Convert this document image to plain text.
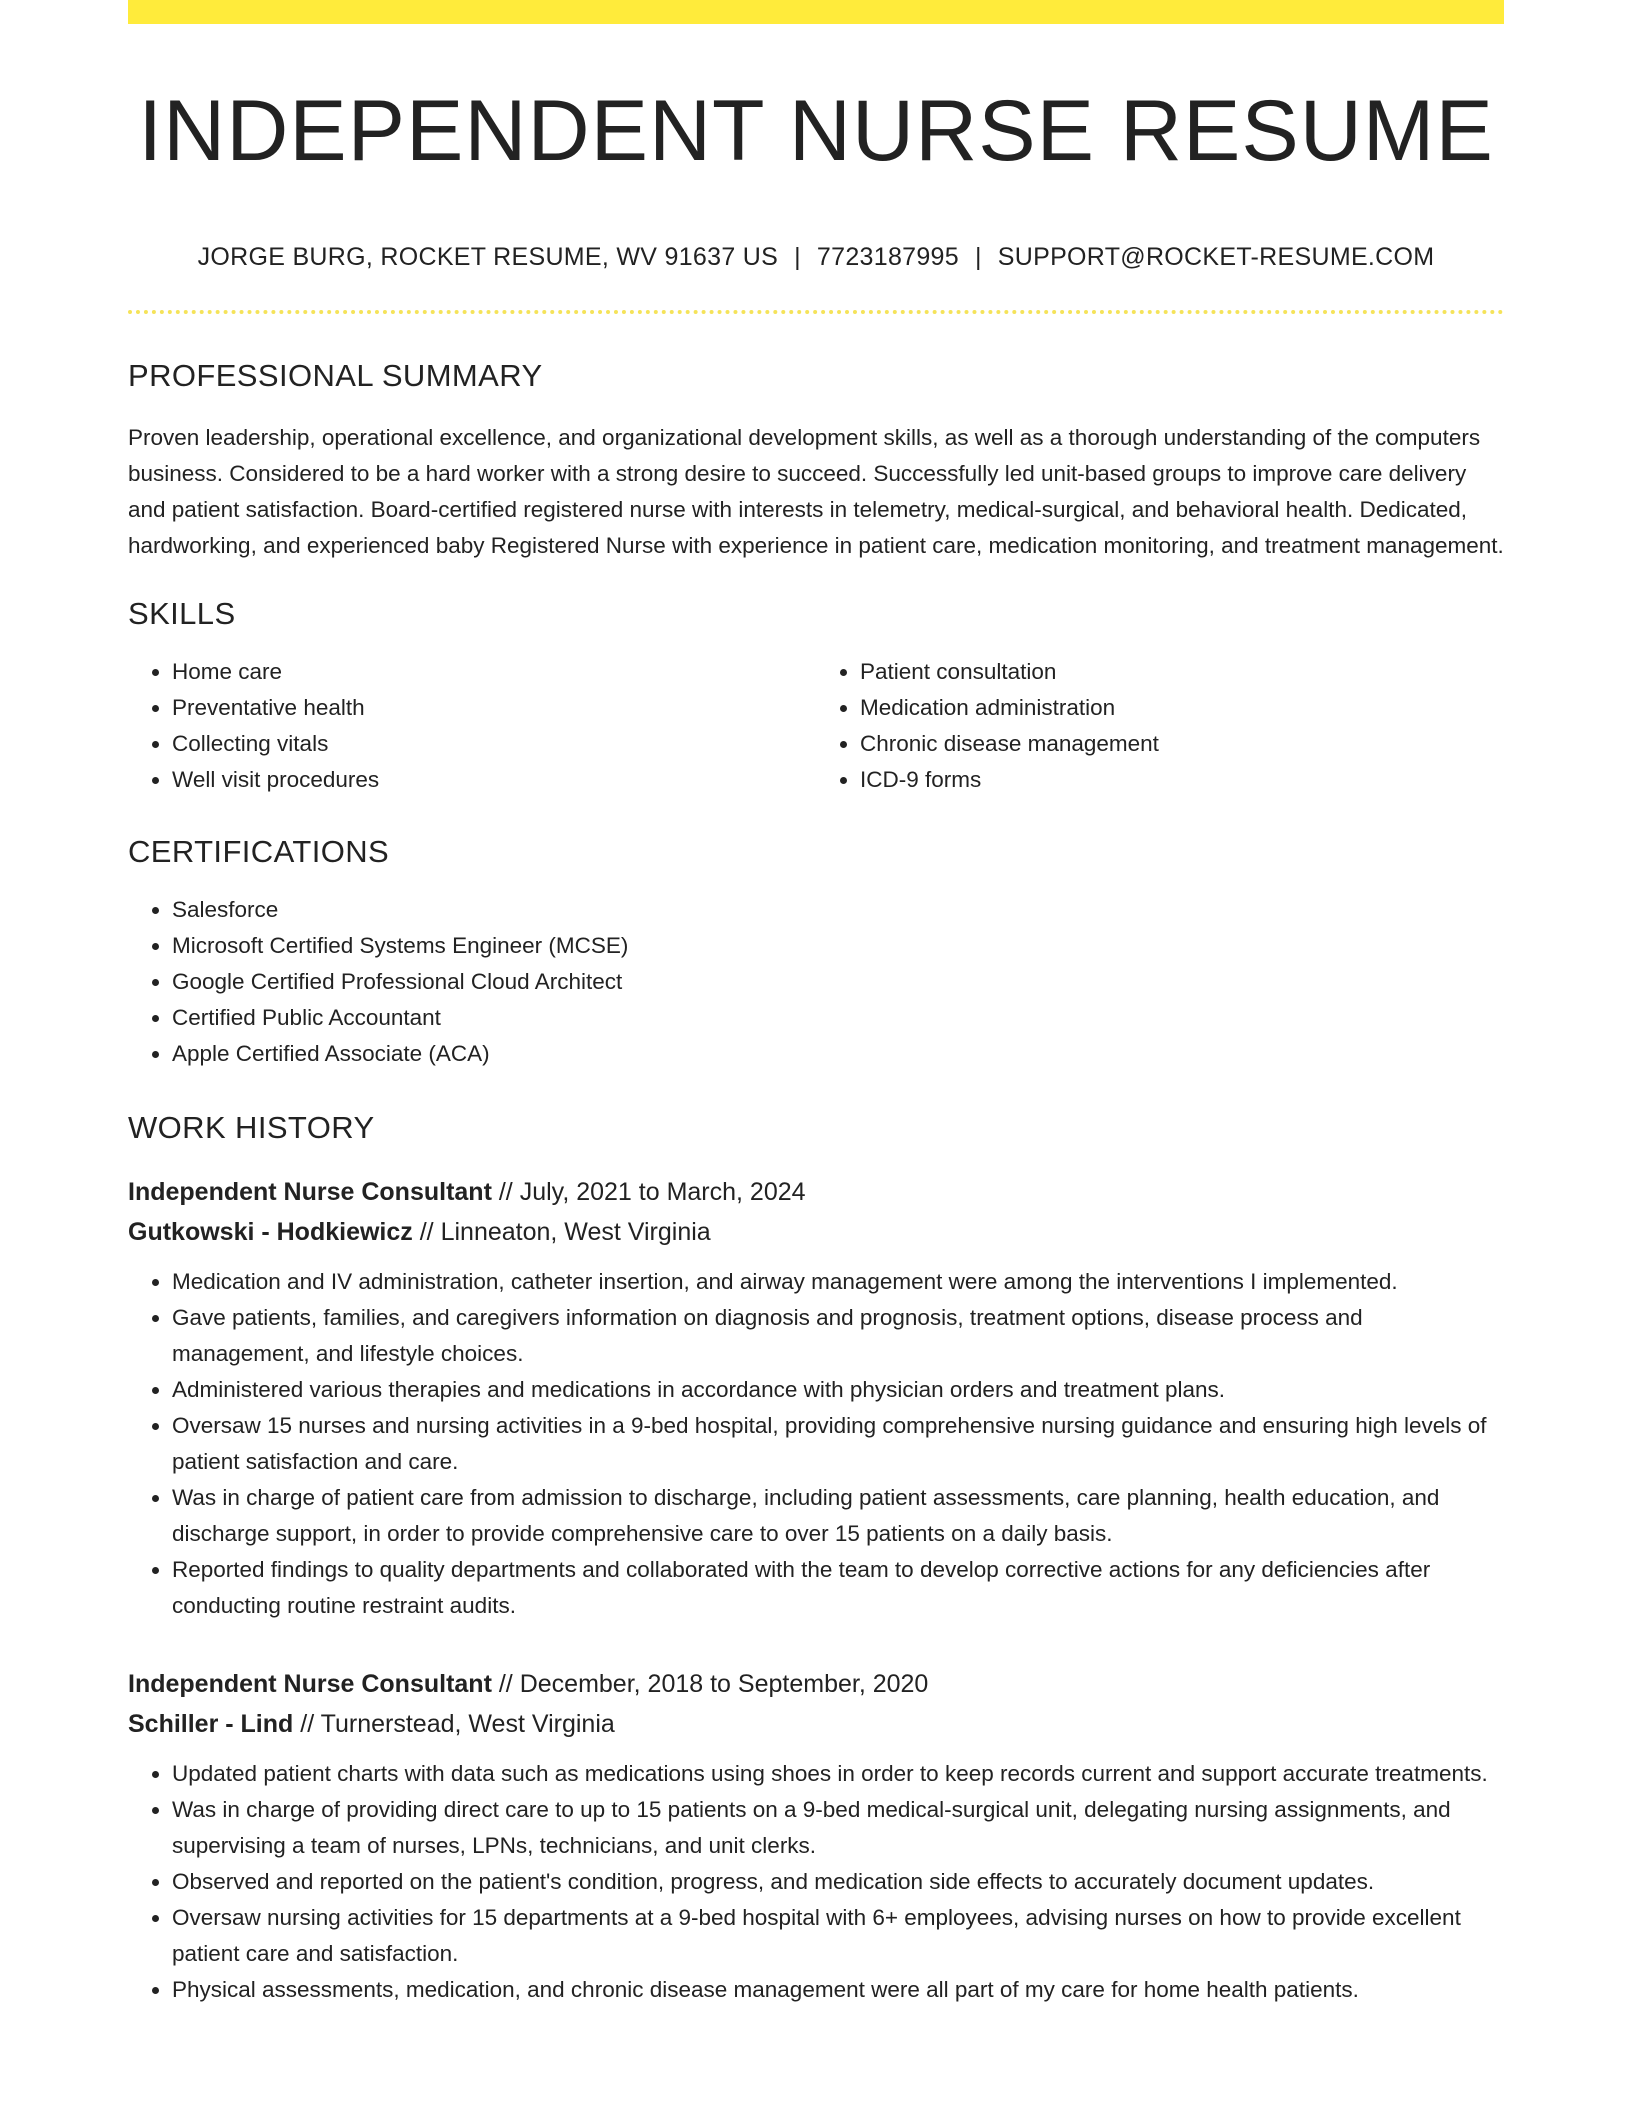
INDEPENDENT NURSE RESUME
JORGE BURG, ROCKET RESUME, WV 91637 US | 7723187995 | SUPPORT@ROCKET-RESUME.COM
PROFESSIONAL SUMMARY

Proven leadership, operational excellence, and organizational development skills, as well as a thorough understanding of the computers business. Considered to be a hard worker with a strong desire to succeed. Successfully led unit-based groups to improve care delivery and patient satisfaction. Board-certified registered nurse with interests in telemetry, medical-surgical, and behavioral health. Dedicated, hardworking, and experienced baby Registered Nurse with experience in patient care, medication monitoring, and treatment management.

SKILLS
• Home care
• Preventative health
• Collecting vitals
• Well visit procedures
• Patient consultation
• Medication administration
• Chronic disease management
• ICD-9 forms
CERTIFICATIONS
• Salesforce
• Microsoft Certified Systems Engineer (MCSE)
• Google Certified Professional Cloud Architect
• Certified Public Accountant
• Apple Certified Associate (ACA)
WORK HISTORY
Independent Nurse Consultant // July, 2021 to March, 2024
Gutkowski - Hodkiewicz // Linneaton, West Virginia
• Medication and IV administration, catheter insertion, and airway management were among the interventions I implemented.
• Gave patients, families, and caregivers information on diagnosis and prognosis, treatment options, disease process and management, and lifestyle choices.
• Administered various therapies and medications in accordance with physician orders and treatment plans.
• Oversaw 15 nurses and nursing activities in a 9-bed hospital, providing comprehensive nursing guidance and ensuring high levels of patient satisfaction and care.
• Was in charge of patient care from admission to discharge, including patient assessments, care planning, health education, and discharge support, in order to provide comprehensive care to over 15 patients on a daily basis.
• Reported findings to quality departments and collaborated with the team to develop corrective actions for any deficiencies after conducting routine restraint audits.
Independent Nurse Consultant // December, 2018 to September, 2020
Schiller - Lind // Turnerstead, West Virginia
• Updated patient charts with data such as medications using shoes in order to keep records current and support accurate treatments.
• Was in charge of providing direct care to up to 15 patients on a 9-bed medical-surgical unit, delegating nursing assignments, and supervising a team of nurses, LPNs, technicians, and unit clerks.
• Observed and reported on the patient's condition, progress, and medication side effects to accurately document updates.
• Oversaw nursing activities for 15 departments at a 9-bed hospital with 6+ employees, advising nurses on how to provide excellent patient care and satisfaction.
• Physical assessments, medication, and chronic disease management were all part of my care for home health patients.
